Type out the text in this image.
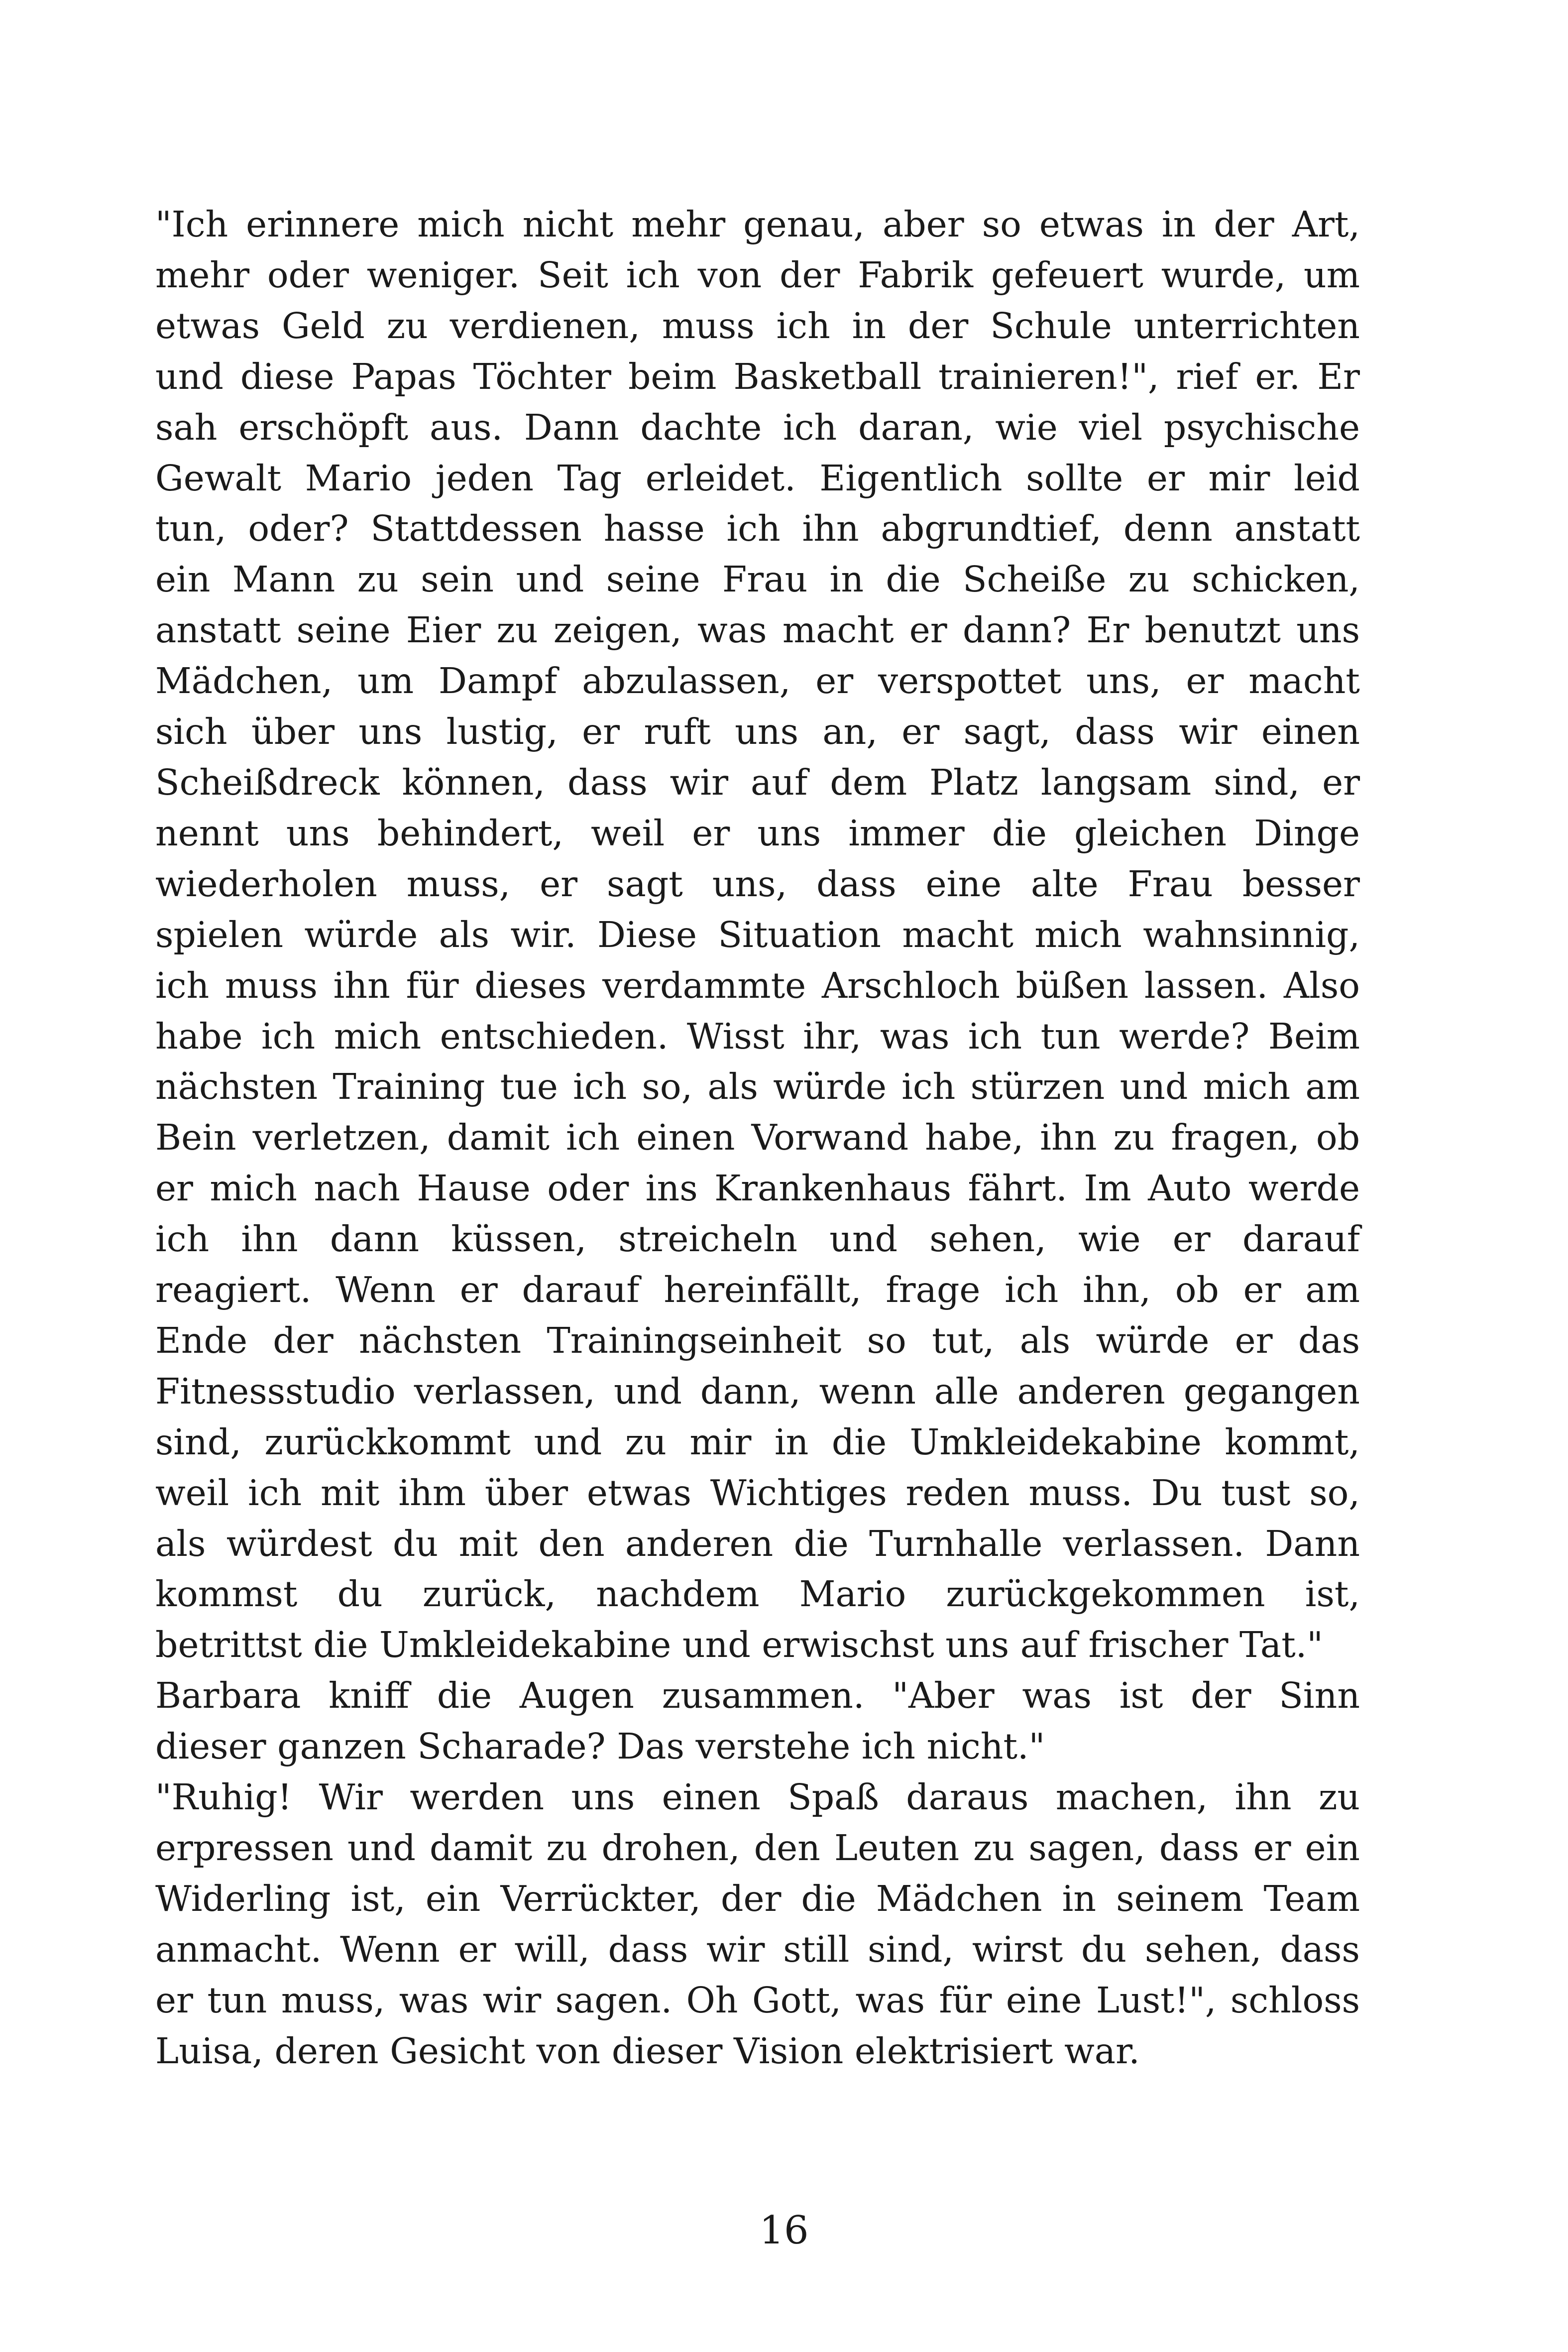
"Ich erinnere mich nicht mehr genau, aber so etwas in der Art,
mehr oder weniger. Seit ich von der Fabrik gefeuert wurde, um
etwas Geld zu verdienen, muss ich in der Schule unterrichten
und diese Papas Töchter beim Basketball trainieren!", rief er. Er
sah erschöpft aus. Dann dachte ich daran, wie viel psychische
Gewalt Mario jeden Tag erleidet. Eigentlich sollte er mir leid
tun, oder? Stattdessen hasse ich ihn abgrundtief, denn anstatt
ein Mann zu sein und seine Frau in die Scheiße zu schicken,
anstatt seine Eier zu zeigen, was macht er dann? Er benutzt uns
Mädchen, um Dampf abzulassen, er verspottet uns, er macht
sich über uns lustig, er ruft uns an, er sagt, dass wir einen
Scheißdreck können, dass wir auf dem Platz langsam sind, er
nennt uns behindert, weil er uns immer die gleichen Dinge
wiederholen muss, er sagt uns, dass eine alte Frau besser
spielen würde als wir. Diese Situation macht mich wahnsinnig,
ich muss ihn für dieses verdammte Arschloch büßen lassen. Also
habe ich mich entschieden. Wisst ihr, was ich tun werde? Beim
nächsten Training tue ich so, als würde ich stürzen und mich am
Bein verletzen, damit ich einen Vorwand habe, ihn zu fragen, ob
er mich nach Hause oder ins Krankenhaus fährt. Im Auto werde
ich ihn dann küssen, streicheln und sehen, wie er darauf
reagiert. Wenn er darauf hereinfällt, frage ich ihn, ob er am
Ende der nächsten Trainingseinheit so tut, als würde er das
Fitnessstudio verlassen, und dann, wenn alle anderen gegangen
sind, zurückkommt und zu mir in die Umkleidekabine kommt,
weil ich mit ihm über etwas Wichtiges reden muss. Du tust so,
als würdest du mit den anderen die Turnhalle verlassen. Dann
kommst du zurück, nachdem Mario zurückgekommen ist,
betrittst die Umkleidekabine und erwischst uns auf frischer Tat."
Barbara kniff die Augen zusammen. "Aber was ist der Sinn
dieser ganzen Scharade? Das verstehe ich nicht."
"Ruhig! Wir werden uns einen Spaß daraus machen, ihn zu
erpressen und damit zu drohen, den Leuten zu sagen, dass er ein
Widerling ist, ein Verrückter, der die Mädchen in seinem Team
anmacht. Wenn er will, dass wir still sind, wirst du sehen, dass
er tun muss, was wir sagen. Oh Gott, was für eine Lust!", schloss
Luisa, deren Gesicht von dieser Vision elektrisiert war.
16
